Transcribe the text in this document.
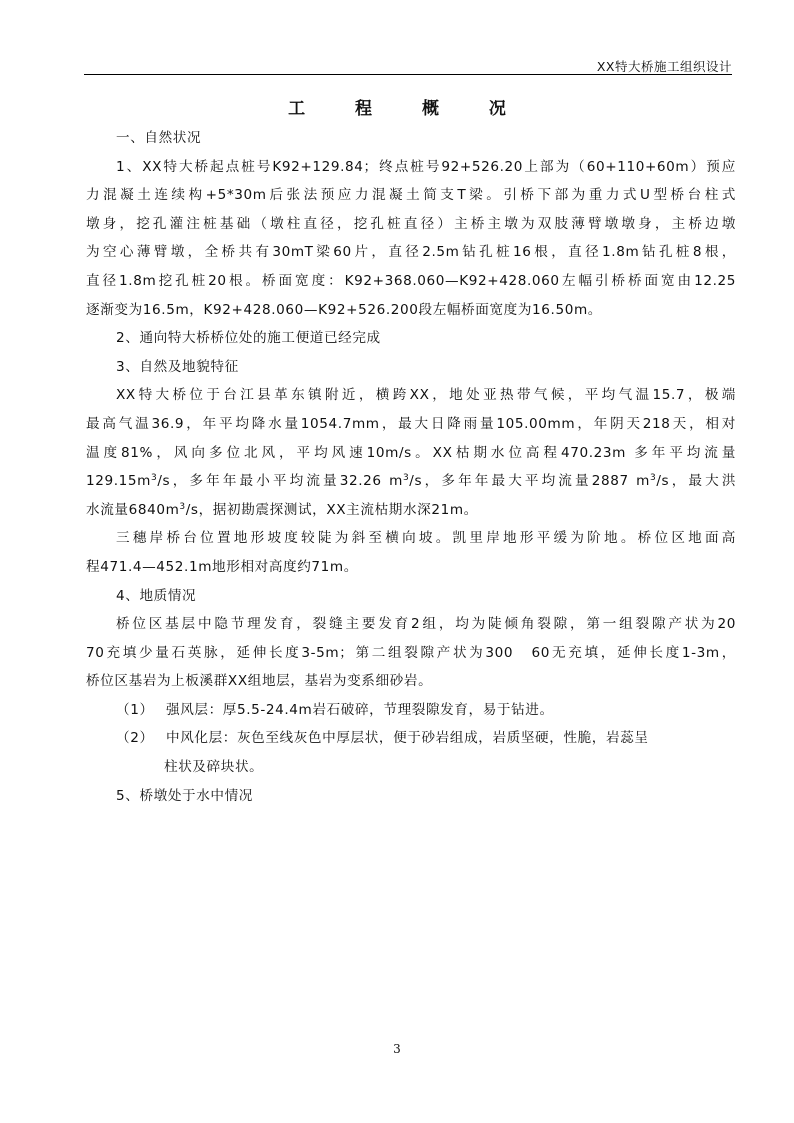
XX特大桥施工组织设计
工 程 概 况
一、自然状况
1、XX特大桥起点桩号K92+129.84；终点桩号92+526.20上部为（60+110+60m）预应
力混凝土连续构+5*30m后张法预应力混凝土简支T梁。引桥下部为重力式U型桥台柱式
墩身，挖孔灌注桩基础（墩柱直径，挖孔桩直径）主桥主墩为双肢薄臂墩墩身，主桥边墩
为空心薄臂墩，全桥共有30mT梁60片，直径2.5m钻孔桩16根，直径1.8m钻孔桩8根，
直径1.8m挖孔桩20根。桥面宽度：K92+368.060—K92+428.060左幅引桥桥面宽由12.25
逐渐变为16.5m，K92+428.060—K92+526.200段左幅桥面宽度为16.50m。
2、通向特大桥桥位处的施工便道已经完成
3、自然及地貌特征
XX特大桥位于台江县革东镇附近，横跨XX，地处亚热带气候，平均气温15.7，极端
最高气温36.9，年平均降水量1054.7mm，最大日降雨量105.00mm，年阴天218天，相对
温度81%，风向多位北风，平均风速10m/s。XX枯期水位高程470.23m 多年平均流量
$129.15m^3/s$，多年年最小平均流量32.26 $m^3/s$，多年年最大平均流量2887 $m^3/s$，最大洪
水流量$6840m^3/s$，据初勘震探测试，XX主流枯期水深21m。
三穗岸桥台位置地形坡度较陡为斜至横向坡。凯里岸地形平缓为阶地。桥位区地面高
程471.4—452.1m地形相对高度约71m。
4、地质情况
桥位区基层中隐节理发育，裂缝主要发育2组，均为陡倾角裂隙，第一组裂隙产状为20
70充填少量石英脉，延伸长度3-5m；第二组裂隙产状为300　60无充填，延伸长度1-3m，
桥位区基岩为上板溪群XX组地层，基岩为变系细砂岩。
（1） 强风层：厚5.5-24.4m岩石破碎，节理裂隙发育，易于钻进。
（2） 中风化层：灰色至线灰色中厚层状，便于砂岩组成，岩质坚硬，性脆，岩蕊呈
柱状及碎块状。
5、桥墩处于水中情况
3
